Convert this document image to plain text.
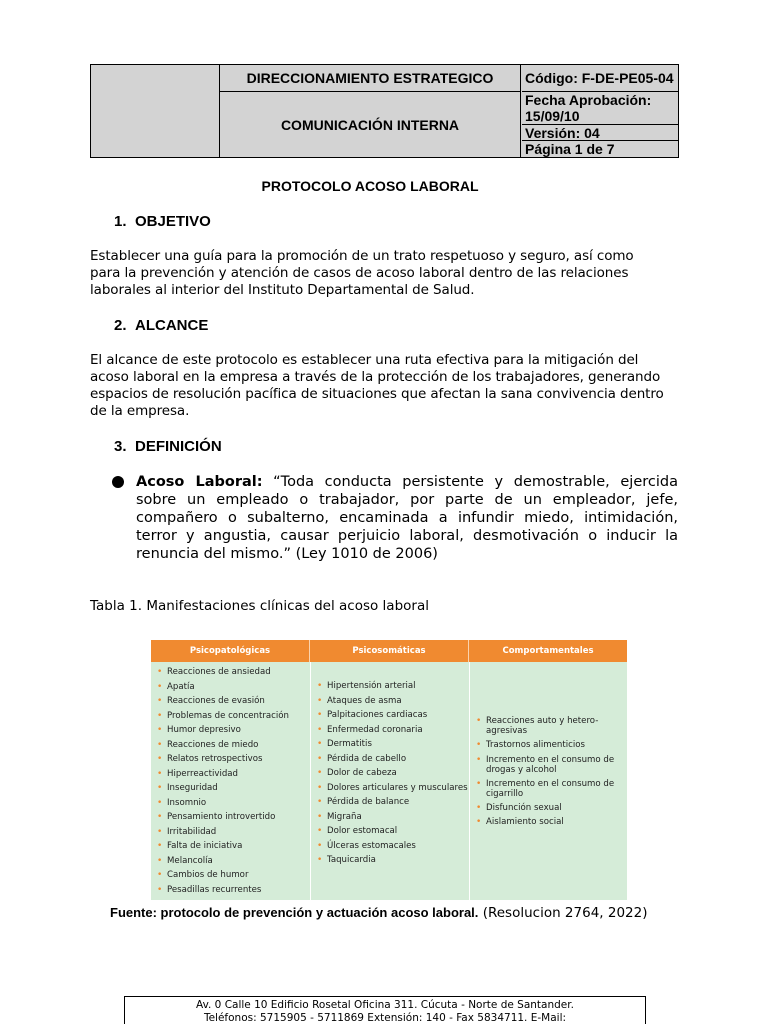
DIRECCIONAMIENTO ESTRATEGICO
COMUNICACIÓN INTERNA
Código: F-DE-PE05-04
Fecha Aprobación:
15/09/10
Versión: 04
Página 1 de 7
PROTOCOLO ACOSO LABORAL
1. OBJETIVO
Establecer una guía para la promoción de un trato respetuoso y seguro, así como
para la prevención y atención de casos de acoso laboral dentro de las relaciones
laborales al interior del Instituto Departamental de Salud.
2. ALCANCE
El alcance de este protocolo es establecer una ruta efectiva para la mitigación del
acoso laboral en la empresa a través de la protección de los trabajadores, generando
espacios de resolución pacífica de situaciones que afectan la sana convivencia dentro
de la empresa.
3. DEFINICIÓN
Acoso Laboral: “Toda conducta persistente y demostrable, ejercida sobre un empleado o trabajador, por parte de un empleador, jefe, compañero o subalterno, encaminada a infundir miedo, intimidación, terror y angustia, causar perjuicio laboral, desmotivación o inducir la renuncia del mismo.” (Ley 1010 de 2006)
Tabla 1. Manifestaciones clínicas del acoso laboral
Psicopatológicas	Psicosomáticas	Comportamentales
• Reacciones de ansiedad
• Apatía
• Reacciones de evasión
• Problemas de concentración
• Humor depresivo
• Reacciones de miedo
• Relatos retrospectivos
• Hiperreactividad
• Inseguridad
• Insomnio
• Pensamiento introvertido
• Irritabilidad
• Falta de iniciativa
• Melancolía
• Cambios de humor
• Pesadillas recurrentes
• Hipertensión arterial
• Ataques de asma
• Palpitaciones cardiacas
• Enfermedad coronaria
• Dermatitis
• Pérdida de cabello
• Dolor de cabeza
• Dolores articulares y musculares
• Pérdida de balance
• Migraña
• Dolor estomacal
• Úlceras estomacales
• Taquicardia
• Reacciones auto y hetero-agresivas
• Trastornos alimenticios
• Incremento en el consumo de drogas y alcohol
• Incremento en el consumo de cigarrillo
• Disfunción sexual
• Aislamiento social
Fuente: protocolo de prevención y actuación acoso laboral. (Resolucion 2764, 2022)
Av. 0 Calle 10 Edificio Rosetal Oficina 311. Cúcuta - Norte de Santander.
Teléfonos: 5715905 - 5711869 Extensión: 140 - Fax 5834711. E-Mail:
